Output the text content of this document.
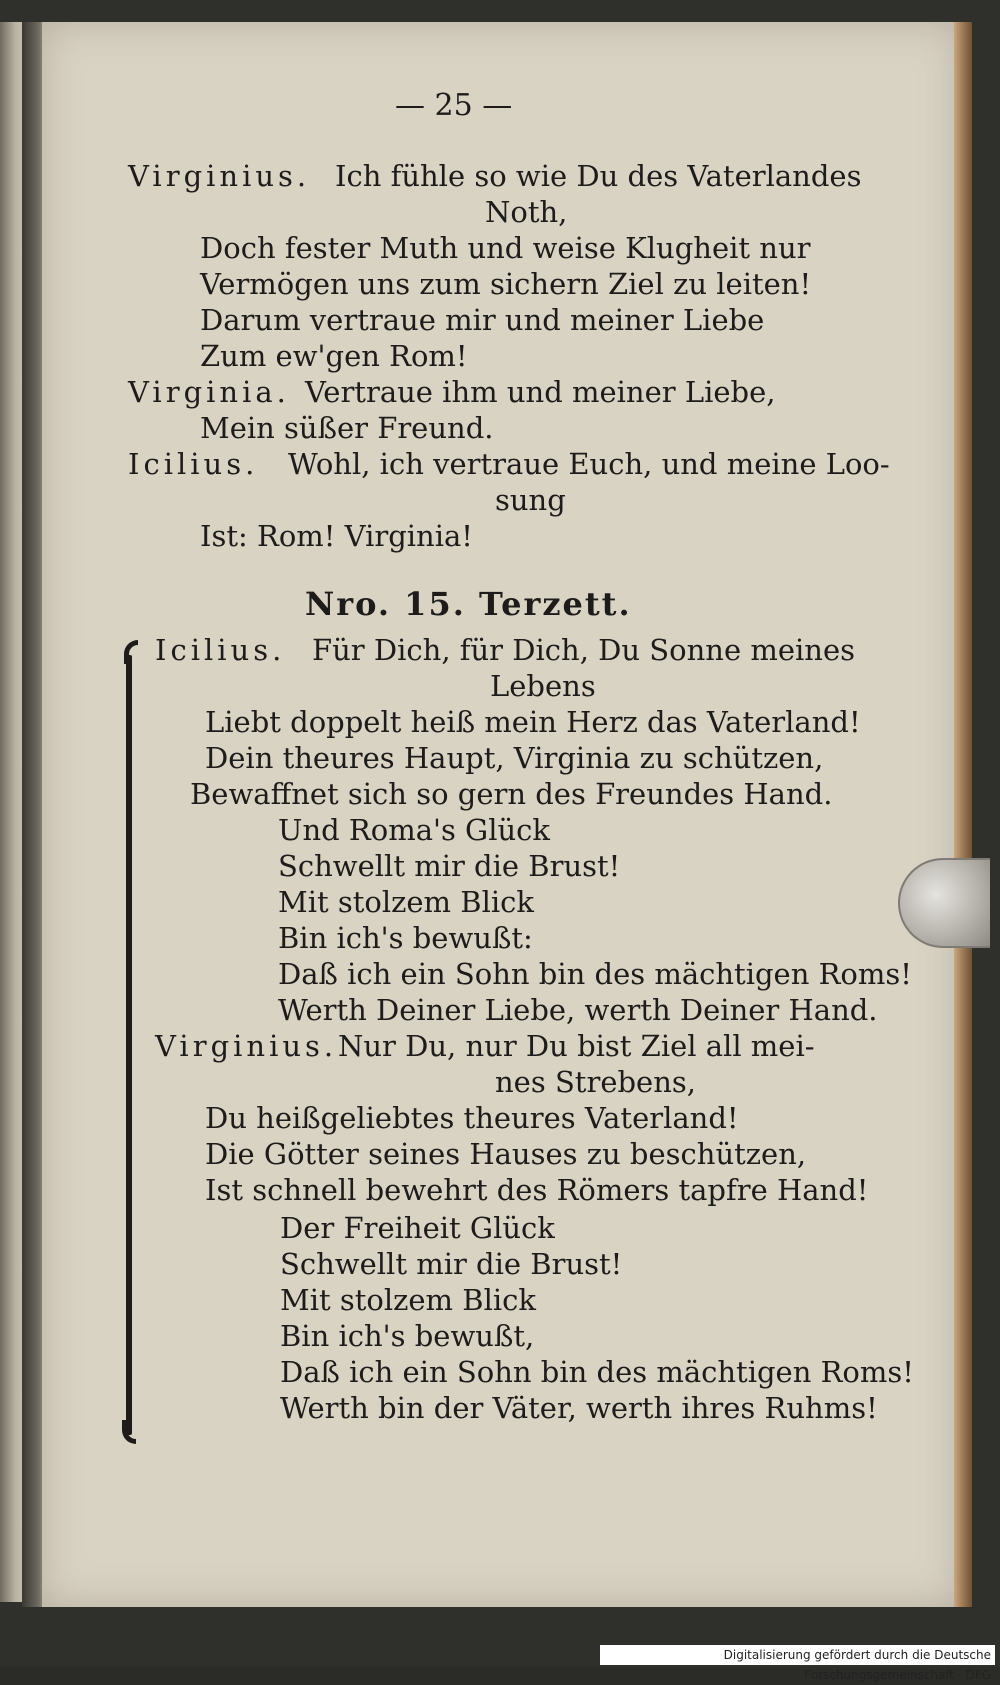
— 25 —
Virginius. Ich fühle so wie Du des Vaterlandes
Noth,
Doch fester Muth und weise Klugheit nur
Vermögen uns zum sichern Ziel zu leiten!
Darum vertraue mir und meiner Liebe
Zum ew'gen Rom!
Virginia. Vertraue ihm und meiner Liebe,
Mein süßer Freund.
Icilius. Wohl, ich vertraue Euch, und meine Loo-
sung
Ist: Rom! Virginia!
Nro. 15. Terzett.
Icilius. Für Dich, für Dich, Du Sonne meines
Lebens
Liebt doppelt heiß mein Herz das Vaterland!
Dein theures Haupt, Virginia zu schützen,
Bewaffnet sich so gern des Freundes Hand.
Und Roma's Glück
Schwellt mir die Brust!
Mit stolzem Blick
Bin ich's bewußt:
Daß ich ein Sohn bin des mächtigen Roms!
Werth Deiner Liebe, werth Deiner Hand.
Virginius. Nur Du, nur Du bist Ziel all mei-
nes Strebens,
Du heißgeliebtes theures Vaterland!
Die Götter seines Hauses zu beschützen,
Ist schnell bewehrt des Römers tapfre Hand!
Der Freiheit Glück
Schwellt mir die Brust!
Mit stolzem Blick
Bin ich's bewußt,
Daß ich ein Sohn bin des mächtigen Roms!
Werth bin der Väter, werth ihres Ruhms!
Digitalisierung gefördert durch die Deutsche Forschungsgemeinschaft · DFG
